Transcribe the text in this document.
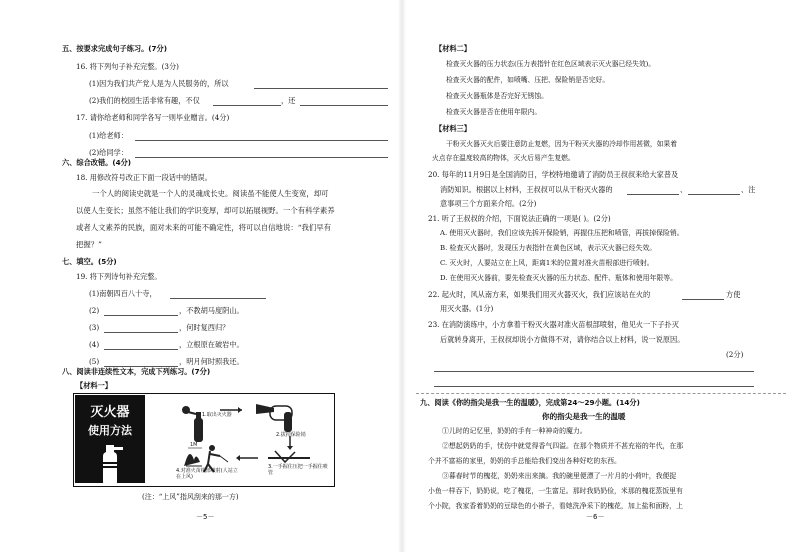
五、按要求完成句子练习。(7分)
16. 将下列句子补充完整。(3分)
(1)因为我们共产党人是为人民服务的，所以
(2)我们的校园生活非常有趣，不仅	，还
17. 请你给老师和同学各写一则毕业赠言。(4分)
(1)给老师：
(2)给同学：
六、综合改错。(4分)
18. 用修改符号改正下面一段话中的错误。
一个人的阅读史就是一个人的灵魂成长史。阅读虽不能使人生变宽，却可
以使人生变长；虽然不能让我们的学识变厚，却可以拓展视野。一个有科学素养
或者人文素养的民族，面对未来的可能不确定性，将可以自信地说：“我们早有
把握？”
七、填空。(5分)
19. 将下列诗句补充完整。
(1)南朝四百八十寺，
(2)	，不教胡马度阴山。
(3)	，何时复西归？
(4)	，立根原在破岩中。
(5)	，明月何时照我还。
八、阅读非连续性文本，完成下列练习。(7分)
【材料一】
灭火器
使用方法
1M
1.取出灭火器
2.拔掉保险销
3.一手握住压把一手握住喷管
4.对准火苗根部喷射(人站立在上风)
(注：“上风”指风刮来的那一方)
－5－
【材料二】
检查灭火器的压力状态(压力表指针在红色区域表示灭火器已经失效)。
检查灭火器的配件，如喷嘴、压把、保险销是否完好。
检查灭火器瓶体是否完好无锈蚀。
检查灭火器是否在使用年限内。
【材料三】
干粉灭火器灭火后要注意防止复燃，因为干粉灭火器的冷却作用甚微，如果着
火点存在温度较高的物体，灭火后易产生复燃。
20. 每年的11月9日是全国消防日，学校特地邀请了消防员王叔叔来给大家普及
消防知识。根据以上材料，王叔叔可以从干粉灭火器的	、	、注
意事项三个方面来介绍。(2分)
21. 听了王叔叔的介绍，下面说法正确的一项是( )。(2分)
A. 使用灭火器时，我们应该先拆开保险销，再握住压把和喷管，再拔掉保险销。
B. 检查灭火器时，发现压力表指针在黄色区域，表示灭火器已经失效。
C. 灭火时，人要站立在上风，距离1米的位置对准火苗根部进行喷射。
D. 在使用灭火器前，要先检查灭火器的压力状态、配件、瓶体和使用年限等。
22. 起火时，风从南方来，如果我们用灭火器灭火，我们应该站在火的	方使
用灭火器。(1分)
23. 在消防演练中，小方拿着干粉灭火器对准火苗根部喷射，他见火一下子扑灭
后就转身离开，王叔叔却说小方做得不对，请你结合以上材料，说一说原因。
(2分)
九、阅读《你的指尖是我一生的温暖》，完成第24～29小题。(14分)
你的指尖是我一生的温暖
①儿时的记忆里，奶奶的手有一种神奇的魔力。
②想起奶奶的手，忧伤中就觉得香气四溢。在那个物质并不甚充裕的年代，在那
个并不富裕的家里，奶奶的手总能给我们变出各种好吃的东西。
③暮春时节的槐花，奶奶来出来摘。我的碗里便漂了一片月的小荷叶，我便捉
小鱼一样吞下，奶奶说，吃了槐花，一生富足。那时我奶奶俭，米那的槐花蒸饭里有
个小院，我家香着奶奶的豆绿色的小褂子，看她洗净采下的槐花，加上盐和面粉，上
－6－
